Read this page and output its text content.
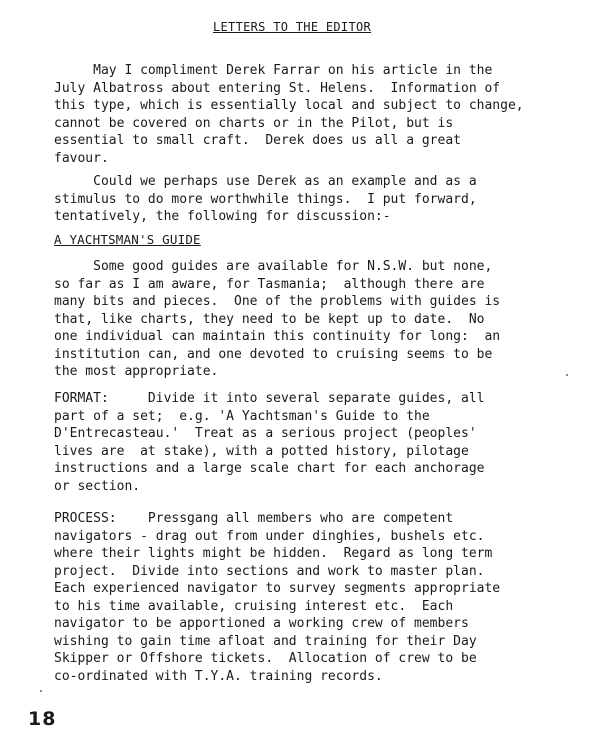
LETTERS TO THE EDITOR

May I compliment Derek Farrar on his article in the
July Albatross about entering St. Helens.  Information of
this type, which is essentially local and subject to change,
cannot be covered on charts or in the Pilot, but is
essential to small craft.  Derek does us all a great
favour.

Could we perhaps use Derek as an example and as a
stimulus to do more worthwhile things.  I put forward,
tentatively, the following for discussion:-

A YACHTSMAN'S GUIDE

Some good guides are available for N.S.W. but none,
so far as I am aware, for Tasmania;  although there are
many bits and pieces.  One of the problems with guides is
that, like charts, they need to be kept up to date.  No
one individual can maintain this continuity for long:  an
institution can, and one devoted to cruising seems to be
the most appropriate.

FORMAT:     Divide it into several separate guides, all
part of a set;  e.g. 'A Yachtsman's Guide to the
D'Entrecasteau.'  Treat as a serious project (peoples'
lives are  at stake), with a potted history, pilotage
instructions and a large scale chart for each anchorage
or section.

PROCESS:    Pressgang all members who are competent
navigators - drag out from under dinghies, bushels etc.
where their lights might be hidden.  Regard as long term
project.  Divide into sections and work to master plan.
Each experienced navigator to survey segments appropriate
to his time available, cruising interest etc.  Each
navigator to be apportioned a working crew of members
wishing to gain time afloat and training for their Day
Skipper or Offshore tickets.  Allocation of crew to be
co-ordinated with T.Y.A. training records.

18
